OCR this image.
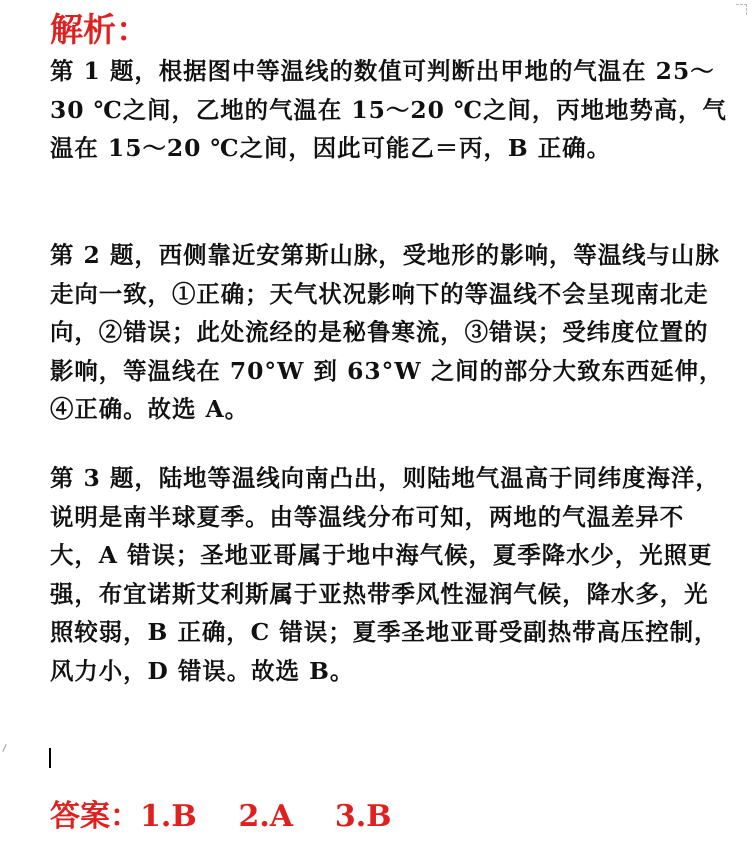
解析：

第 1 题，根据图中等温线的数值可判断出甲地的气温在 25～30 ℃之间，乙地的气温在 15～20 ℃之间，丙地地势高，气温在 15～20 ℃之间，因此可能乙＝丙，B 正确。

第 2 题，西侧靠近安第斯山脉，受地形的影响，等温线与山脉走向一致，①正确；天气状况影响下的等温线不会呈现南北走向，②错误；此处流经的是秘鲁寒流，③错误；受纬度位置的影响，等温线在 70°W 到 63°W 之间的部分大致东西延伸，④正确。故选 A。

第 3 题，陆地等温线向南凸出，则陆地气温高于同纬度海洋，说明是南半球夏季。由等温线分布可知，两地的气温差异不大，A 错误；圣地亚哥属于地中海气候，夏季降水少，光照更强，布宜诺斯艾利斯属于亚热带季风性湿润气候，降水多，光照较弱，B 正确，C 错误；夏季圣地亚哥受副热带高压控制，风力小，D 错误。故选 B。

答案：1.B    2.A    3.B
